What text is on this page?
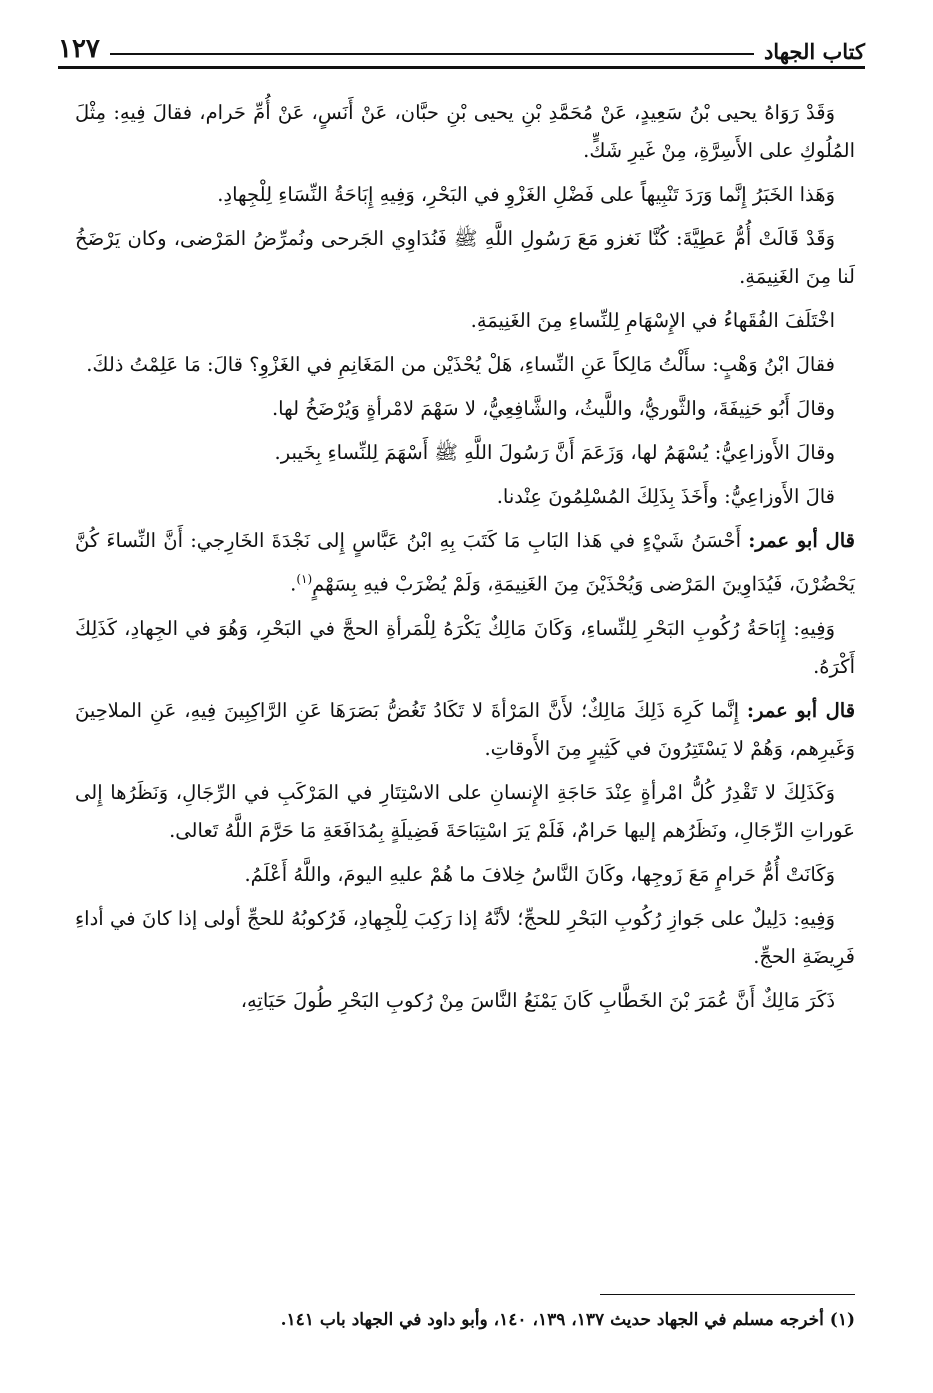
كتاب الجهاد
١٢٧

وَقَدْ رَوَاهُ يحيى بْنُ سَعِيدٍ، عَنْ مُحَمَّدِ بْنِ يحيى بْنِ حبَّان، عَنْ أَنَسٍ، عَنْ أُمِّ حَرام، فقالَ فِيهِ: مِثْلَ المُلُوكِ على الأَسِرَّةِ، مِنْ غَيرِ شَكٍّ.

وَهَذا الخَبَرُ إِنَّما وَرَدَ تَنْبِيهاً على فَضْلِ الغَزْوِ في البَحْرِ، وَفِيهِ إِبَاحَةُ النِّسَاءِ لِلْجِهادِ.

وَقَدْ قَالَتْ أُمُّ عَطِيَّةَ: كُنَّا نَغزو مَعَ رَسُولِ اللَّهِ ﷺ فَنُدَاوِي الجَرحى ونُمرِّضُ المَرْضى، وكان يَرْضَخُ لَنا مِنَ الغَنِيمَةِ.

اخْتَلَفَ الفُقَهاءُ في الإِسْهَامِ لِلنِّساءِ مِنَ الغَنِيمَةِ.

فقالَ ابْنُ وَهْبٍ: سأَلْتُ مَالِكاً عَنِ النِّساءِ، هَلْ يُحْذَيْن من المَغَانِمِ في الغَزْوِ؟ قالَ: مَا عَلِمْتُ ذلكَ.

وقالَ أَبُو حَنِيفَةَ، والثَّوريُّ، واللَّيثُ، والشَّافِعِيُّ، لا سَهْمَ لامْرأةٍ وَيُرْضَخُ لها.

وقالَ الأَوزاعِيُّ: يُسْهَمُ لها، وَزَعَمَ أَنَّ رَسُولَ اللَّهِ ﷺ أَسْهَمَ لِلنِّساءِ بِخَيبر.

قالَ الأَوزاعِيُّ: وأَخَذَ بِذَلِكَ المُسْلِمُونَ عِنْدنا.

قال أبو عمر: أَحْسَنُ شَيْءٍ في هَذا البَابِ مَا كَتَبَ بِهِ ابْنُ عَبَّاسٍ إِلى نَجْدَةَ الخَارِجي: أَنَّ النِّساءَ كُنَّ يَحْضُرْنَ، فَيُدَاوِينَ المَرْضى وَيُحْذَيْنَ مِنَ الغَنِيمَةِ، وَلَمْ يُضْرَبْ فيهِ بِسَهْمٍ$^{(١)}$.

وَفِيهِ: إِبَاحَةُ رُكُوبِ البَحْرِ لِلنِّساءِ، وَكَانَ مَالِكٌ يَكْرَهُ لِلْمَرأةِ الحجَّ في البَحْرِ، وَهُوَ في الجِهادِ، كَذَلِكَ أَكْرَهُ.

قال أبو عمر: إِنَّما كَرِهَ ذَلِكَ مَالِكٌ؛ لأَنَّ المَرْأةَ لا تَكَادُ تَغُضُّ بَصَرَهَا عَنِ الرَّاكِبِينَ فِيهِ، عَنِ الملاحِينَ وَغَيرِهم، وَهُمْ لا يَسْتَتِرُونَ في كَثِيرٍ مِنَ الأَوقاتِ.

وَكَذَلِكَ لا تَقْدِرُ كُلُّ امْرأةٍ عِنْدَ حَاجَةِ الإِنسانِ على الاسْتِتَارِ في المَرْكَبِ في الرِّجَالِ، وَنَظَرُها إِلى عَوراتِ الرِّجَالِ، ونَظَرُهم إليها حَرامٌ، فَلَمْ يَرَ اسْتِبَاحَةَ فَضِيلَةٍ بِمُدَافَعَةِ مَا حَرَّمَ اللَّهُ تَعالى.

وَكَانَتْ أُمُّ حَرامٍ مَعَ زَوجِها، وكَانَ النَّاسُ خِلافَ ما هُمْ عليهِ اليومَ، واللَّهُ أَعْلَمُ.

وَفِيهِ: دَلِيلٌ على جَوازِ رُكُوبِ البَحْرِ للحجِّ؛ لأنَّهُ إذا رَكِبَ لِلْجِهادِ، فَرُكوبُهُ للحجِّ أولى إذا كانَ في أداءِ فَرِيضَةِ الحجِّ.

ذَكَرَ مَالِكٌ أَنَّ عُمَرَ بْنَ الخَطَّابِ كَانَ يَمْنَعُ النَّاسَ مِنْ رُكوبِ البَحْرِ طُولَ حَيَاتِهِ،

(١) أخرجه مسلم في الجهاد حديث ١٣٧، ١٣٩، ١٤٠، وأبو داود في الجهاد باب ١٤١.
